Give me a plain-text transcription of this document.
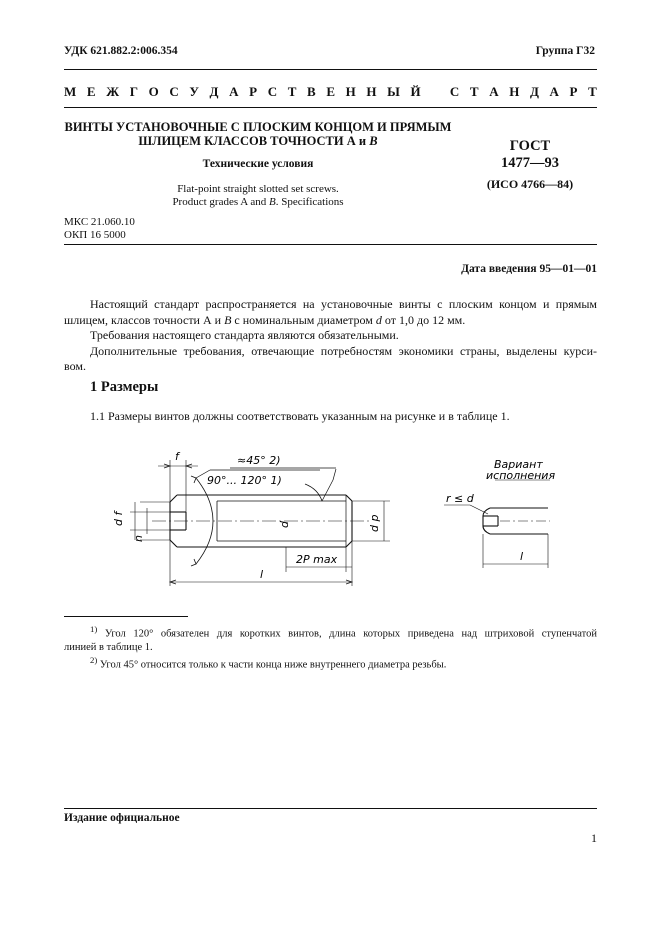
УДК 621.882.2:006.354	Группа Г32
М Е Ж Г О С У Д А Р С Т В Е Н Н Ы Й С Т А Н Д А Р Т
ВИНТЫ УСТАНОВОЧНЫЕ С ПЛОСКИМ КОНЦОМ И ПРЯМЫМ
ШЛИЦЕМ КЛАССОВ ТОЧНОСТИ А и B
Технические условия
Flat-point straight slotted set screws.
Product grades A and B. Specifications
ГОСТ
1477—93
(ИСО 4766—84)
МКС 21.060.10
ОКП 16 5000
Дата введения 95—01—01
Настоящий стандарт распространяется на установочные винты с плоским концом и прямым
шлицем, классов точности А и B с номинальным диаметром d от 1,0 до 12 мм.
Требования настоящего стандарта являются обязательными.
Дополнительные требования, отвечающие потребностям экономики страны, выделены курси-
вом.
1 Размеры
1.1 Размеры винтов должны соответствовать указанным на рисунке и в таблице 1.
≈45° 2)
90°... 120° 1)
f
d f
n
d	d p
2P max
l
Вариант
исполнения
r ≤ d
l
$^{1)}$ Угол 120° обязателен для коротких винтов, длина которых приведена над штриховой ступенчатой
линией в таблице 1.
$^{2)}$ Угол 45° относится только к части конца ниже внутреннего диаметра резьбы.
Издание официальное
1
